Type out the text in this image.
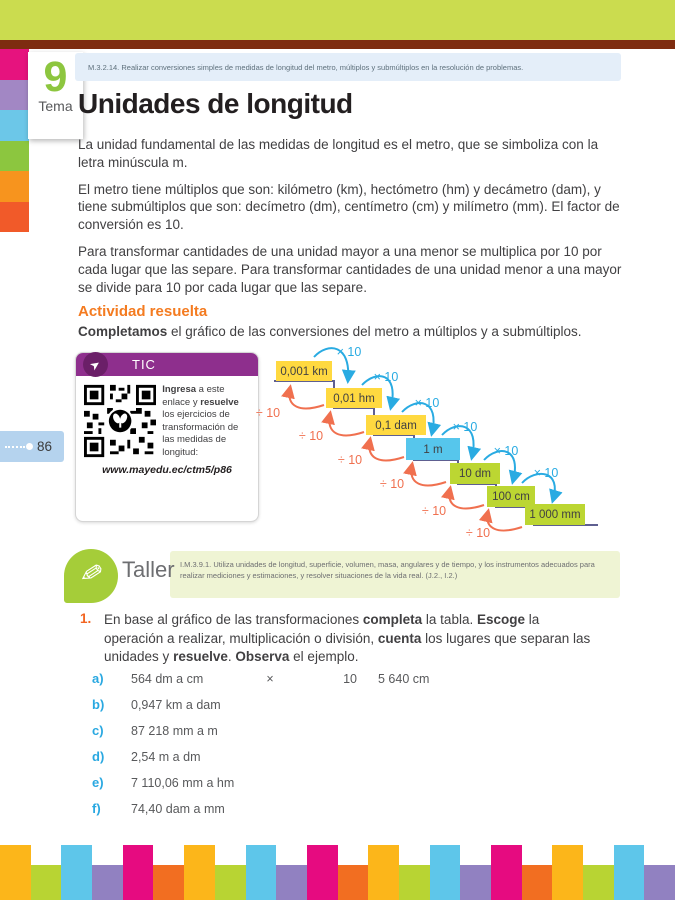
9
Tema
M.3.2.14. Realizar conversiones simples de medidas de longitud del metro, múltiplos y submúltiplos en la resolución de problemas.
Unidades de longitud

La unidad fundamental de las medidas de longitud es el metro, que se simboliza con la letra minúscula m.

El metro tiene múltiplos que son: kilómetro (km), hectómetro (hm) y decámetro (dam), y tiene submúltiplos que son: decímetro (dm), centímetro (cm) y milímetro (mm). El factor de conversión es 10.

Para transformar cantidades de una unidad mayor a una menor se multiplica por 10 por cada lugar que las separe. Para transformar cantidades de una unidad menor a una mayor se divide para 10 por cada lugar que las separe.

Actividad resuelta

Completamos el gráfico de las conversiones del metro a múltiplos y a submúltiplos.

➤ TIC
Ingresa a este enlace y resuelve los ejercicios de transformación de las medidas de longitud:
www.mayedu.ec/ctm5/p86
86
0,001 km
0,01 hm
0,1 dam
1 m
10 dm
100 cm
1 000 mm
× 10
× 10
× 10
× 10
× 10
× 10
÷ 10
÷ 10
÷ 10
÷ 10
÷ 10
÷ 10
I.M.3.9.1. Utiliza unidades de longitud, superficie, volumen, masa, angulares y de tiempo, y los instrumentos adecuados para realizar mediciones y estimaciones, y resolver situaciones de la vida real. (J.2., I.2.)
✎ Taller
1. En base al gráfico de las transformaciones completa la tabla. Escoge la operación a realizar, multiplicación o división, cuenta los lugares que separan las unidades y resuelve. Observa el ejemplo.

a)	564 dm a cm	×	10	5 640 cm
b)	0,947 km a dam
c)	87 218 mm a m
d)	2,54 m a dm
e)	7 110,06 mm a hm
f)	74,40 dam a mm
